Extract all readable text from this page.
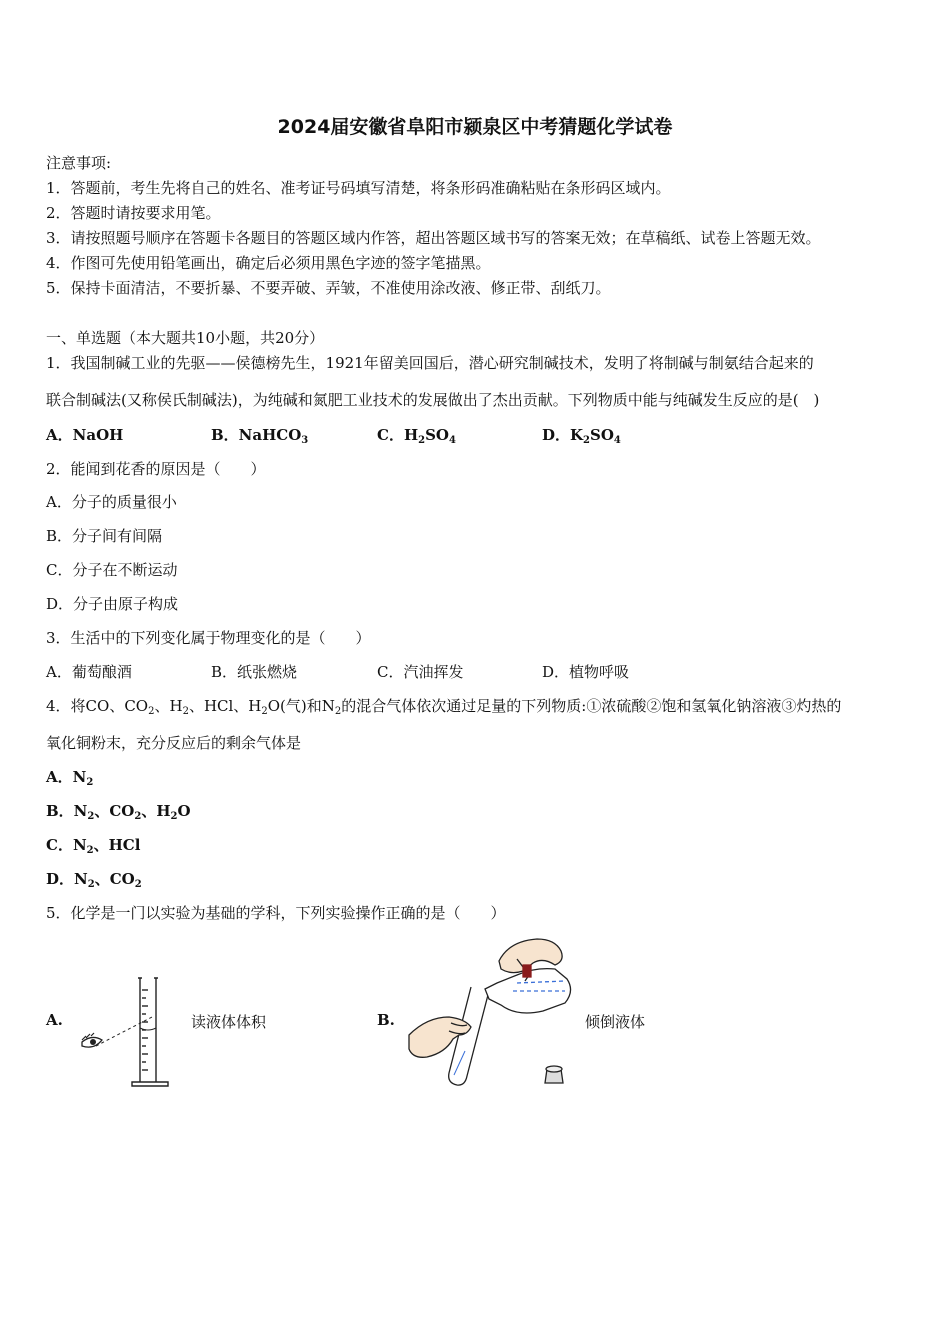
2024届安徽省阜阳市颍泉区中考猜题化学试卷
注意事项:
1．答题前，考生先将自己的姓名、准考证号码填写清楚，将条形码准确粘贴在条形码区域内。
2．答题时请按要求用笔。
3．请按照题号顺序在答题卡各题目的答题区域内作答，超出答题区域书写的答案无效；在草稿纸、试卷上答题无效。
4．作图可先使用铅笔画出，确定后必须用黑色字迹的签字笔描黑。
5．保持卡面清洁，不要折暴、不要弄破、弄皱，不准使用涂改液、修正带、刮纸刀。
一、单选题（本大题共10小题，共20分）
1．我国制碱工业的先驱——侯德榜先生，1921年留美回国后，潜心研究制碱技术，发明了将制碱与制氨结合起来的
联合制碱法(又称侯氏制碱法)，为纯碱和氮肥工业技术的发展做出了杰出贡献。下列物质中能与纯碱发生反应的是(　)
A．NaOH	B．NaHCO$_3$	C．$H_2SO_4$	D．$K_2SO_4$
2．能闻到花香的原因是（　　）
A．分子的质量很小
B．分子间有间隔
C．分子在不断运动
D．分子由原子构成
3．生活中的下列变化属于物理变化的是（　　）
A．葡萄酿酒	B．纸张燃烧	C．汽油挥发	D．植物呼吸
4．将CO、$CO_2$、$H_2$、HCl、$H_2O$(气)和$N_2$的混合气体依次通过足量的下列物质:①浓硫酸②饱和氢氧化钠溶液③灼热的
氧化铜粉末，充分反应后的剩余气体是
A．$N_2$
B．$N_2$、$CO_2$、$H_2O$
C．$N_2$、HCl
D．$N_2$、$CO_2$
5．化学是一门以实验为基础的学科，下列实验操作正确的是（　　）
A.	读液体体积	B.	倾倒液体
